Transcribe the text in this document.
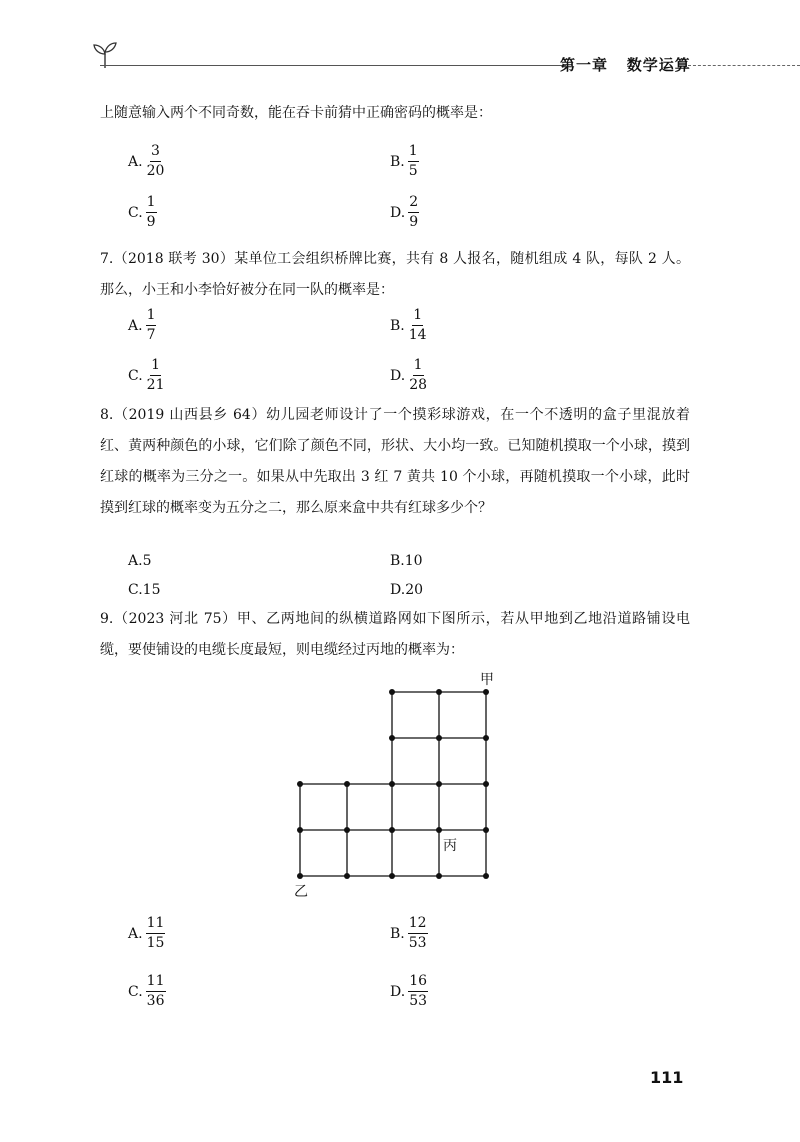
第一章 数学运算
上随意输入两个不同奇数，能在吞卡前猜中正确密码的概率是：
A. $\frac{3}{20}$	B. $\frac{1}{5}$
C. $\frac{1}{9}$	D. $\frac{2}{9}$
7.（2018 联考 30）某单位工会组织桥牌比赛，共有 8 人报名，随机组成 4 队，每队 2 人。那么，小王和小李恰好被分在同一队的概率是：
A. $\frac{1}{7}$	B. $\frac{1}{14}$
C. $\frac{1}{21}$	D. $\frac{1}{28}$
8.（2019 山西县乡 64）幼儿园老师设计了一个摸彩球游戏，在一个不透明的盒子里混放着红、黄两种颜色的小球，它们除了颜色不同，形状、大小均一致。已知随机摸取一个小球，摸到红球的概率为三分之一。如果从中先取出 3 红 7 黄共 10 个小球，再随机摸取一个小球，此时摸到红球的概率变为五分之二，那么原来盒中共有红球多少个？
A. 5	B. 10
C. 15	D. 20
9.（2023 河北 75）甲、乙两地间的纵横道路网如下图所示，若从甲地到乙地沿道路铺设电缆，要使铺设的电缆长度最短，则电缆经过丙地的概率为：
甲
乙
丙
A. $\frac{11}{15}$	B. $\frac{12}{53}$
C. $\frac{11}{36}$	D. $\frac{16}{53}$
111
